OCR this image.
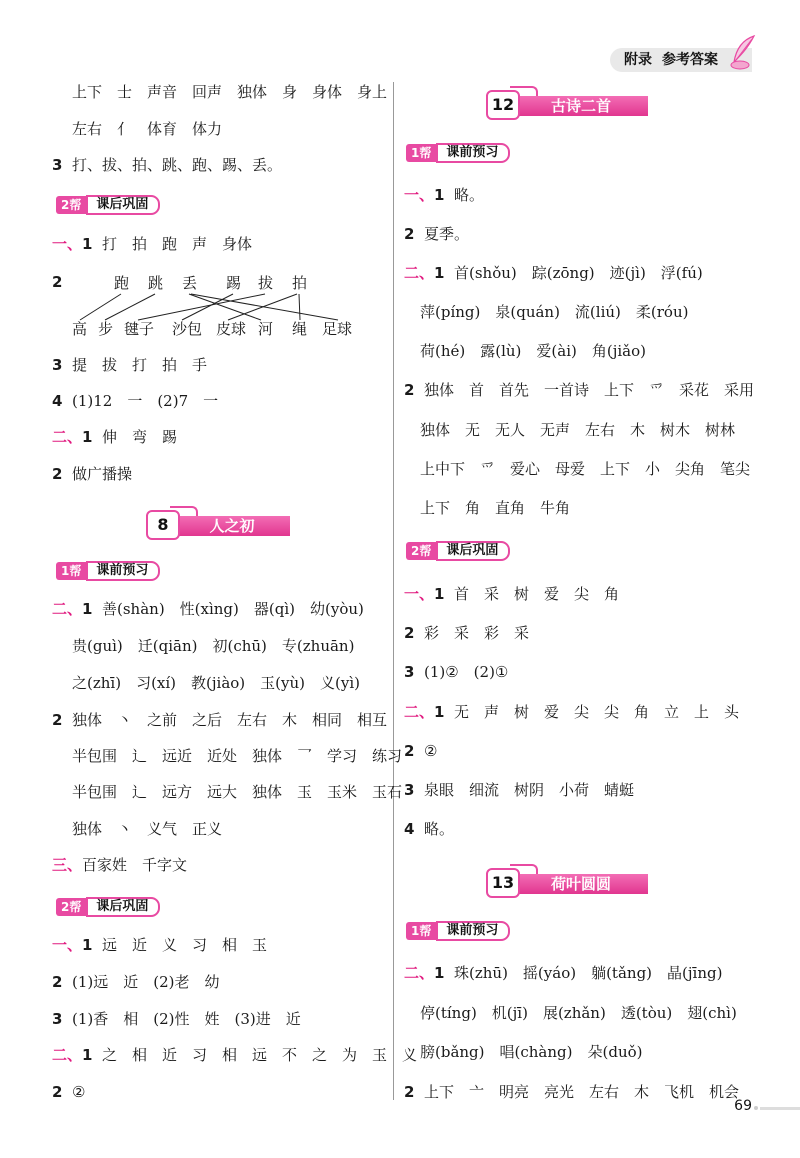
附录 参考答案
上下　士　声音　回声　独体　身　身体　身上
左右　亻　体育　体力
3 打、拔、拍、跳、跑、踢、丢。
2帮	课后巩固
一、1 打　拍　跑　声　身体
2	跑 跳 丢 踢 拔 拍
高 步 毽子 沙包 皮球 河 绳 足球
3 提　拔　打　拍　手
4 (1)12　一　(2)7　一
二、1 伸　弯　踢
2 做广播操
人之初
8
1帮	课前预习
二、1 善(shàn)　性(xìng)　器(qì)　幼(yòu)
贵(guì)　迁(qiān)　初(chū)　专(zhuān)
之(zhī)　习(xí)　教(jiào)　玉(yù)　义(yì)
2 独体　丶　之前　之后　左右　木　相同　相互
半包围　辶　远近　近处　独体　乛　学习　练习
半包围　辶　远方　远大　独体　玉　玉米　玉石
独体　丶　义气　正义
三、百家姓　千字文
2帮	课后巩固
一、1 远　近　义　习　相　玉
2 (1)远　近　(2)老　幼
3 (1)香　相　(2)性　姓　(3)进　近
二、1 之　相　近　习　相　远　不　之　为　玉　义
2 ②
古诗二首
12
1帮	课前预习
一、1 略。
2 夏季。
二、1 首(shǒu)　踪(zōng)　迹(jì)　浮(fú)
萍(píng)　泉(quán)　流(liú)　柔(róu)
荷(hé)　露(lù)　爱(ài)　角(jiǎo)
2 独体　首　首先　一首诗　上下　爫　采花　采用
独体　无　无人　无声　左右　木　树木　树林
上中下　爫　爱心　母爱　上下　小　尖角　笔尖
上下　角　直角　牛角
2帮	课后巩固
一、1 首　采　树　爱　尖　角
2 彩　采　彩　采
3 (1)②　(2)①
二、1 无　声　树　爱　尖　尖　角　立　上　头
2 ②
3 泉眼　细流　树阴　小荷　蜻蜓
4 略。
荷叶圆圆
13
1帮	课前预习
二、1 珠(zhū)　摇(yáo)　躺(tǎng)　晶(jīng)
停(tíng)　机(jī)　展(zhǎn)　透(tòu)　翅(chì)
膀(bǎng)　唱(chàng)　朵(duǒ)
2 上下　亠　明亮　亮光　左右　木　飞机　机会
69
